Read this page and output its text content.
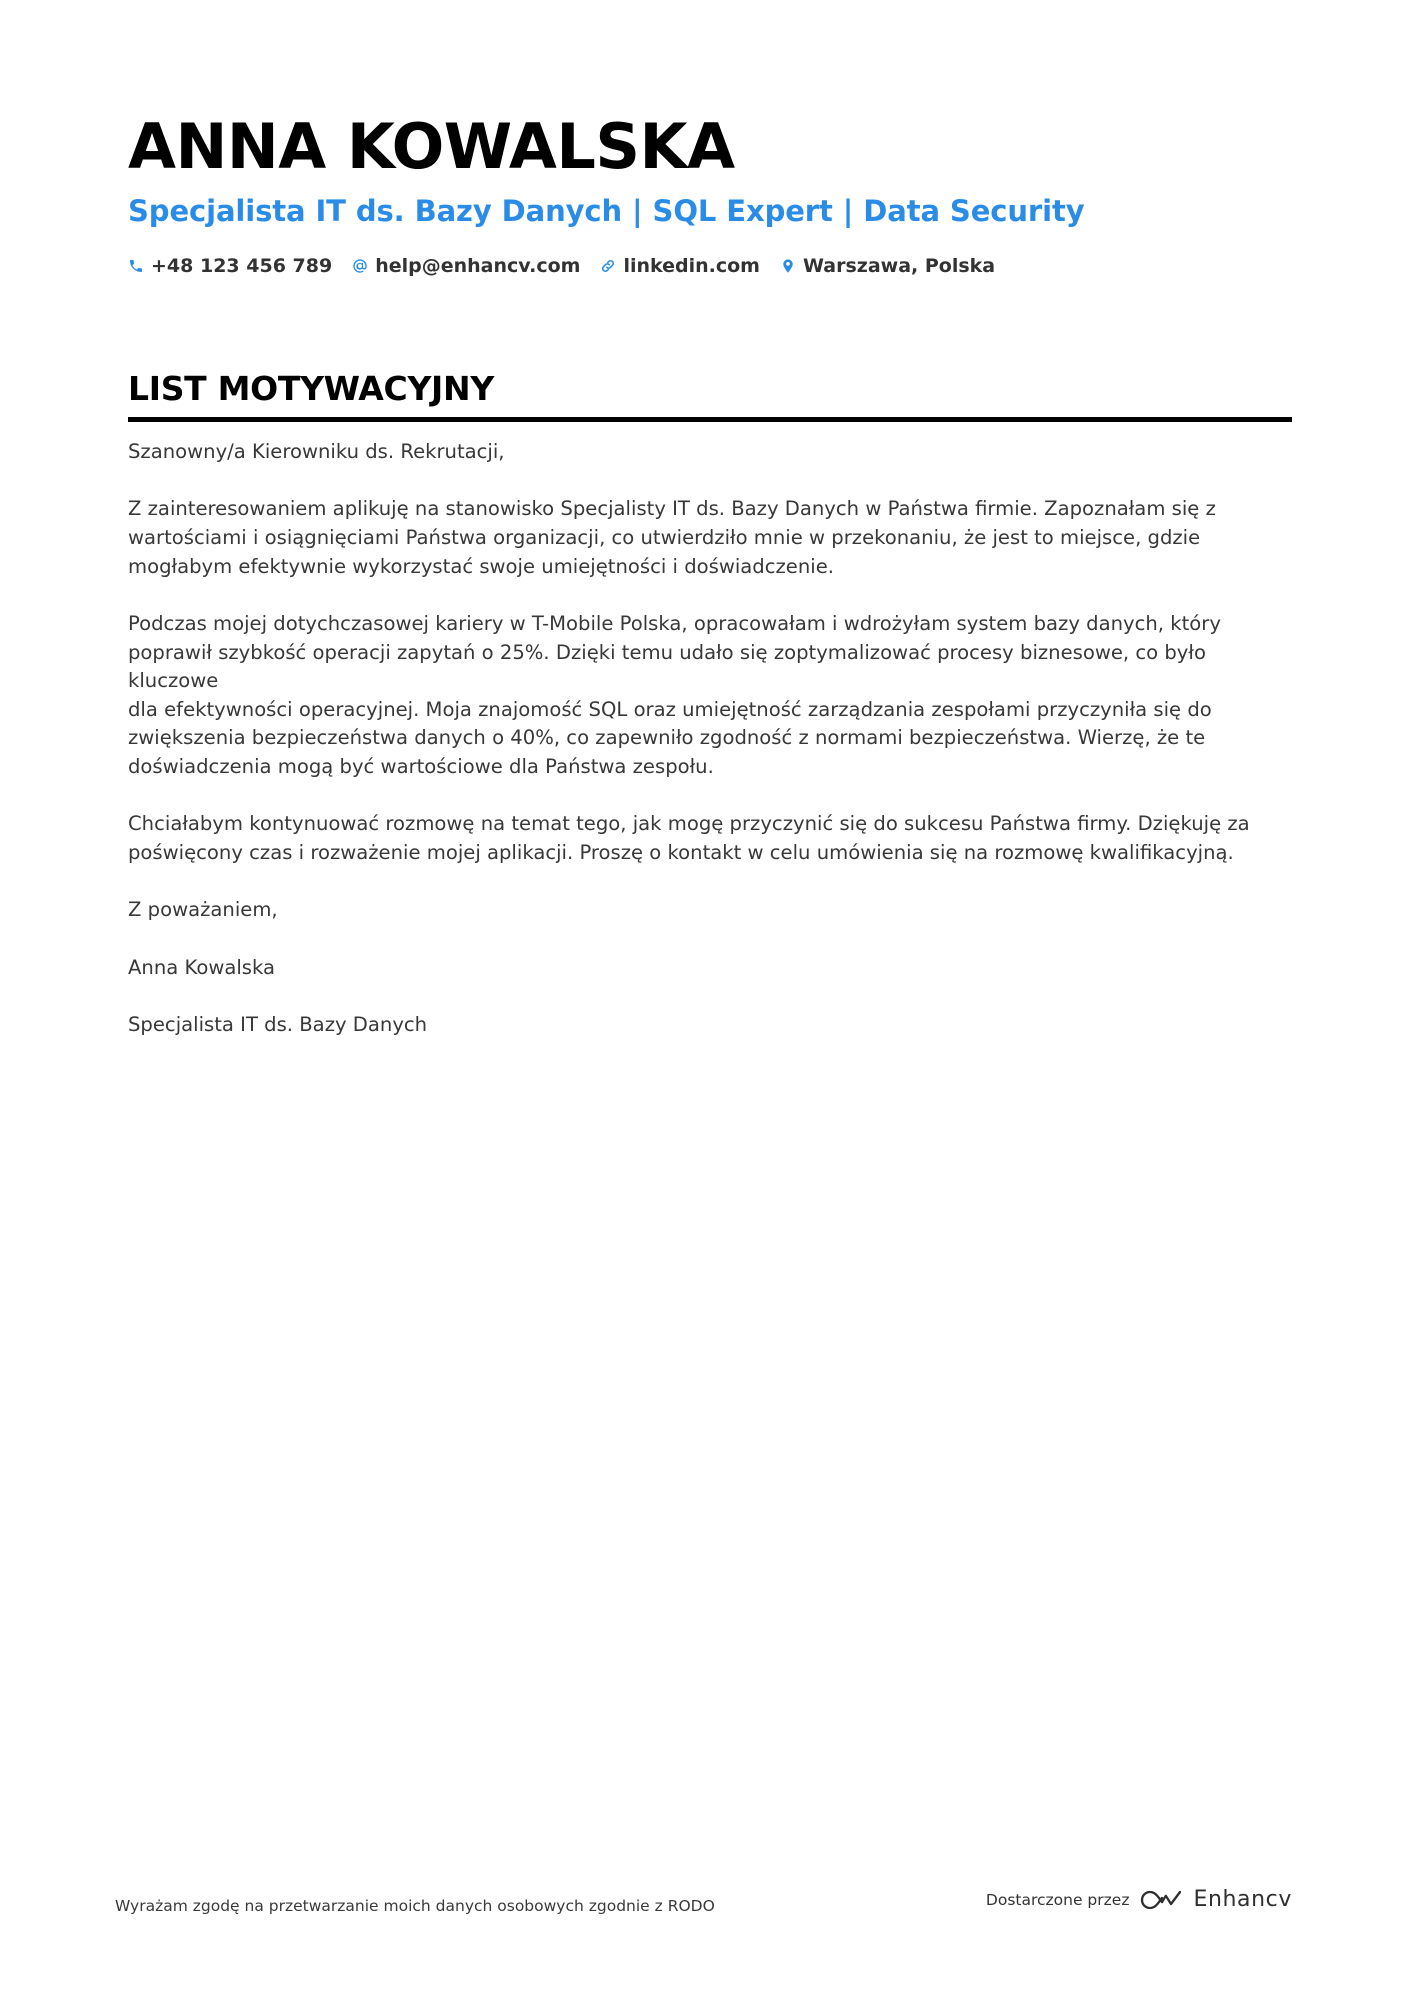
ANNA KOWALSKA
Specjalista IT ds. Bazy Danych | SQL Expert | Data Security
+48 123 456 789 help@enhancv.com linkedin.com Warszawa, Polska
LIST MOTYWACYJNY

Szanowny/a Kierowniku ds. Rekrutacji,

Z zainteresowaniem aplikuję na stanowisko Specjalisty IT ds. Bazy Danych w Państwa firmie. Zapoznałam się z
wartościami i osiągnięciami Państwa organizacji, co utwierdziło mnie w przekonaniu, że jest to miejsce, gdzie
mogłabym efektywnie wykorzystać swoje umiejętności i doświadczenie.

Podczas mojej dotychczasowej kariery w T-Mobile Polska, opracowałam i wdrożyłam system bazy danych, który
poprawił szybkość operacji zapytań o 25%. Dzięki temu udało się zoptymalizować procesy biznesowe, co było kluczowe
dla efektywności operacyjnej. Moja znajomość SQL oraz umiejętność zarządzania zespołami przyczyniła się do
zwiększenia bezpieczeństwa danych o 40%, co zapewniło zgodność z normami bezpieczeństwa. Wierzę, że te
doświadczenia mogą być wartościowe dla Państwa zespołu.

Chciałabym kontynuować rozmowę na temat tego, jak mogę przyczynić się do sukcesu Państwa firmy. Dziękuję za
poświęcony czas i rozważenie mojej aplikacji. Proszę o kontakt w celu umówienia się na rozmowę kwalifikacyjną.

Z poważaniem,

Anna Kowalska

Specjalista IT ds. Bazy Danych

Wyrażam zgodę na przetwarzanie moich danych osobowych zgodnie z RODO	Dostarczone przez	Enhancv
